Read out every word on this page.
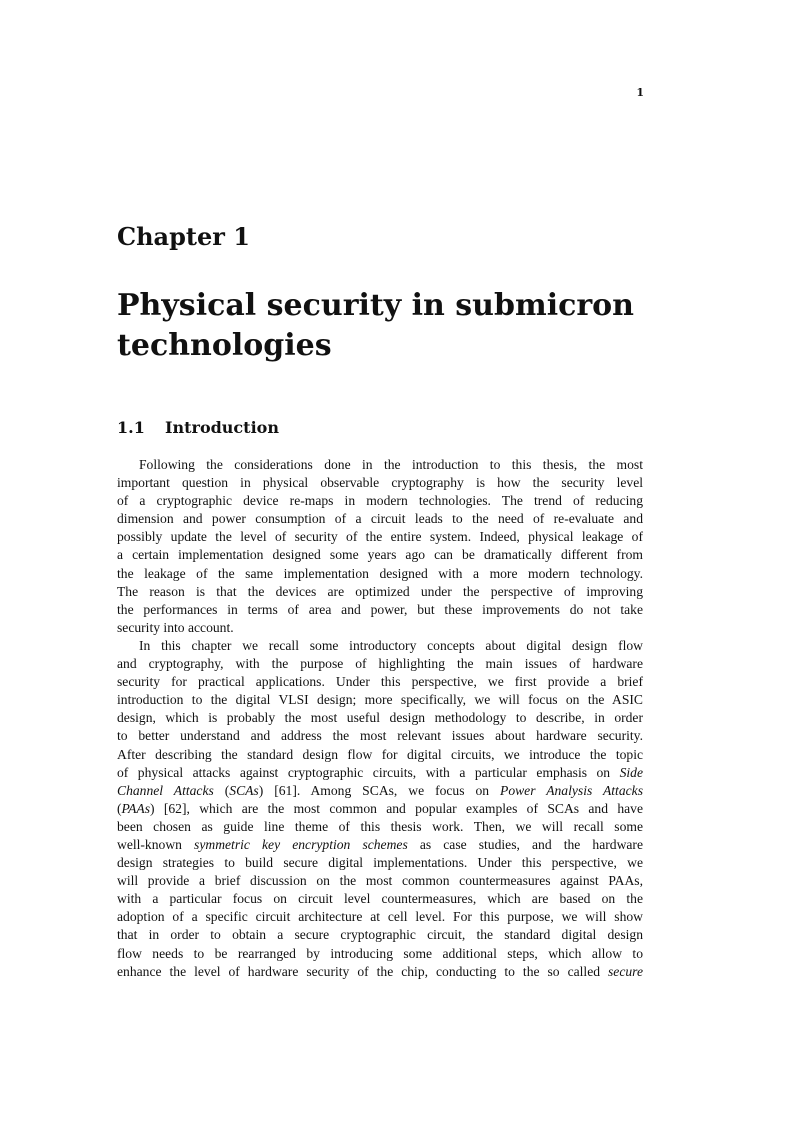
1
Chapter 1
Physical security in submicron
technologies
1.1 Introduction
Following the considerations done in the introduction to this thesis, the most
important question in physical observable cryptography is how the security level
of a cryptographic device re-maps in modern technologies. The trend of reducing
dimension and power consumption of a circuit leads to the need of re-evaluate and
possibly update the level of security of the entire system. Indeed, physical leakage of
a certain implementation designed some years ago can be dramatically different from
the leakage of the same implementation designed with a more modern technology.
The reason is that the devices are optimized under the perspective of improving
the performances in terms of area and power, but these improvements do not take
security into account.
In this chapter we recall some introductory concepts about digital design flow
and cryptography, with the purpose of highlighting the main issues of hardware
security for practical applications. Under this perspective, we first provide a brief
introduction to the digital VLSI design; more specifically, we will focus on the ASIC
design, which is probably the most useful design methodology to describe, in order
to better understand and address the most relevant issues about hardware security.
After describing the standard design flow for digital circuits, we introduce the topic
of physical attacks against cryptographic circuits, with a particular emphasis on Side
Channel Attacks (SCAs) [61]. Among SCAs, we focus on Power Analysis Attacks
(PAAs) [62], which are the most common and popular examples of SCAs and have
been chosen as guide line theme of this thesis work. Then, we will recall some
well-known symmetric key encryption schemes as case studies, and the hardware
design strategies to build secure digital implementations. Under this perspective, we
will provide a brief discussion on the most common countermeasures against PAAs,
with a particular focus on circuit level countermeasures, which are based on the
adoption of a specific circuit architecture at cell level. For this purpose, we will show
that in order to obtain a secure cryptographic circuit, the standard digital design
flow needs to be rearranged by introducing some additional steps, which allow to
enhance the level of hardware security of the chip, conducting to the so called secure
